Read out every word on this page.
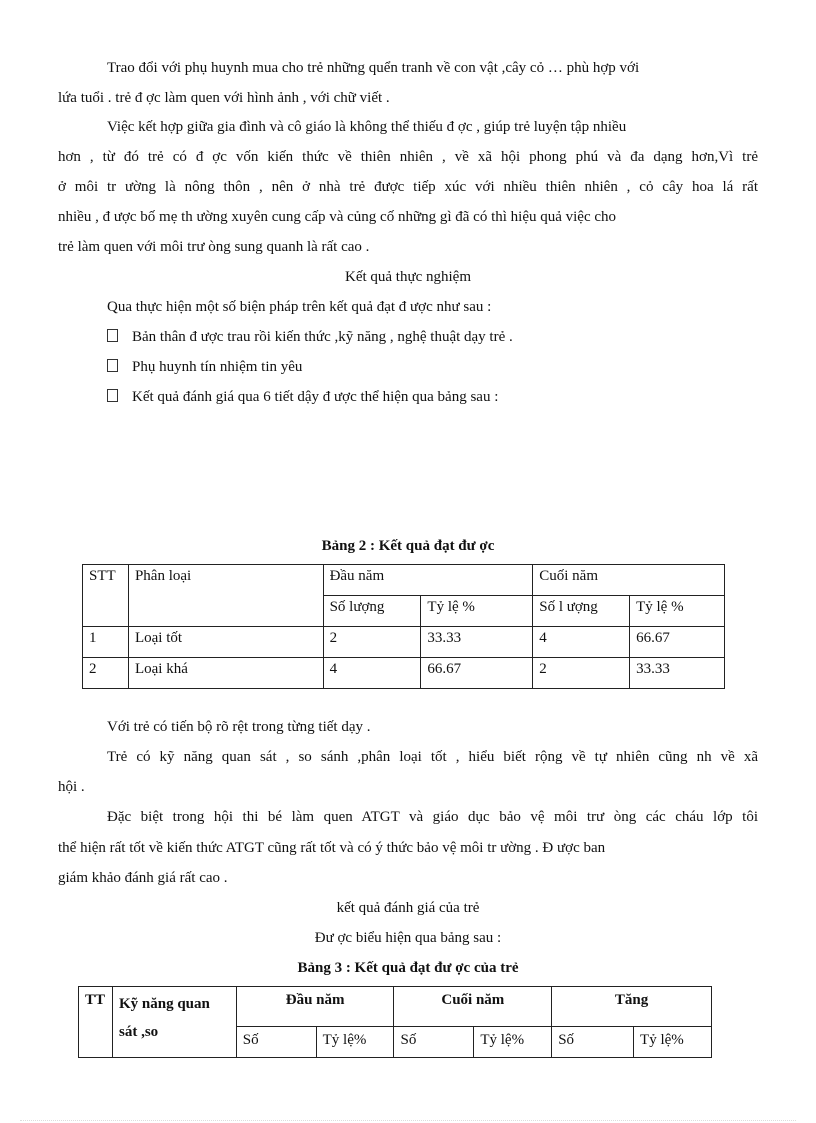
Trao đổi với phụ huynh mua cho trẻ những quển tranh về con vật ,cây cỏ … phù hợp với
lứa tuổi . trẻ đ ợc làm quen với hình ảnh , với chữ viết .
Việc kết hợp giữa gia đình và cô giáo là không thể thiếu đ ợc , giúp trẻ luyện tập nhiều
hơn , từ đó trẻ có đ ợc vốn kiến thức về thiên nhiên , về xã hội phong phú và đa dạng hơn,Vì trẻ
ở môi tr ường là nông thôn , nên ở nhà trẻ được tiếp xúc với nhiều thiên nhiên , cỏ cây hoa lá rất
nhiều , đ ược bố mẹ th ường xuyên cung cấp và củng cố những gì đã có thì hiệu quả việc cho
trẻ làm quen với môi trư òng sung quanh là rất cao .
Kết quả thực nghiệm
Qua thực hiện một số biện pháp trên kết quả đạt đ ược như sau :
Bản thân đ ược trau rồi kiến thức ,kỹ năng , nghệ thuật dạy trẻ .
Phụ huynh tín nhiệm tin yêu
Kết quả đánh giá qua 6 tiết dậy đ ược thể hiện qua bảng sau :
Bảng 2 : Kết quả đạt đư ợc
STT	Phân loại	Đầu năm		Cuối năm	
		Số lượng	Tỷ lệ %	Số l ượng	Tỷ lệ %
1	Loại tốt	2	33.33	4	66.67
2	Loại khá	4	66.67	2	33.33
Với trẻ có tiến bộ rõ rệt trong từng tiết dạy .
Trẻ có kỹ năng quan sát , so sánh ,phân loại tốt , hiểu biết rộng về tự nhiên cũng nh về xã
hội .
Đặc biệt trong hội thi bé làm quen ATGT và giáo dục bảo vệ môi trư òng các cháu lớp tôi
thể hiện rất tốt về kiến thức ATGT cũng rất tốt và có ý thức bảo vệ môi tr ường . Đ ược ban
giám khảo đánh giá rất cao .
kết quả đánh giá của trẻ
Đư ợc biểu hiện qua bảng sau :
Bảng 3 : Kết quả đạt đư ợc của trẻ
TT	Kỹ năng quan sát ,so	Đầu năm		Cuối năm		Tăng	
		Số	Tỷ lệ%	Số	Tỷ lệ%	Số	Tỷ lệ%
